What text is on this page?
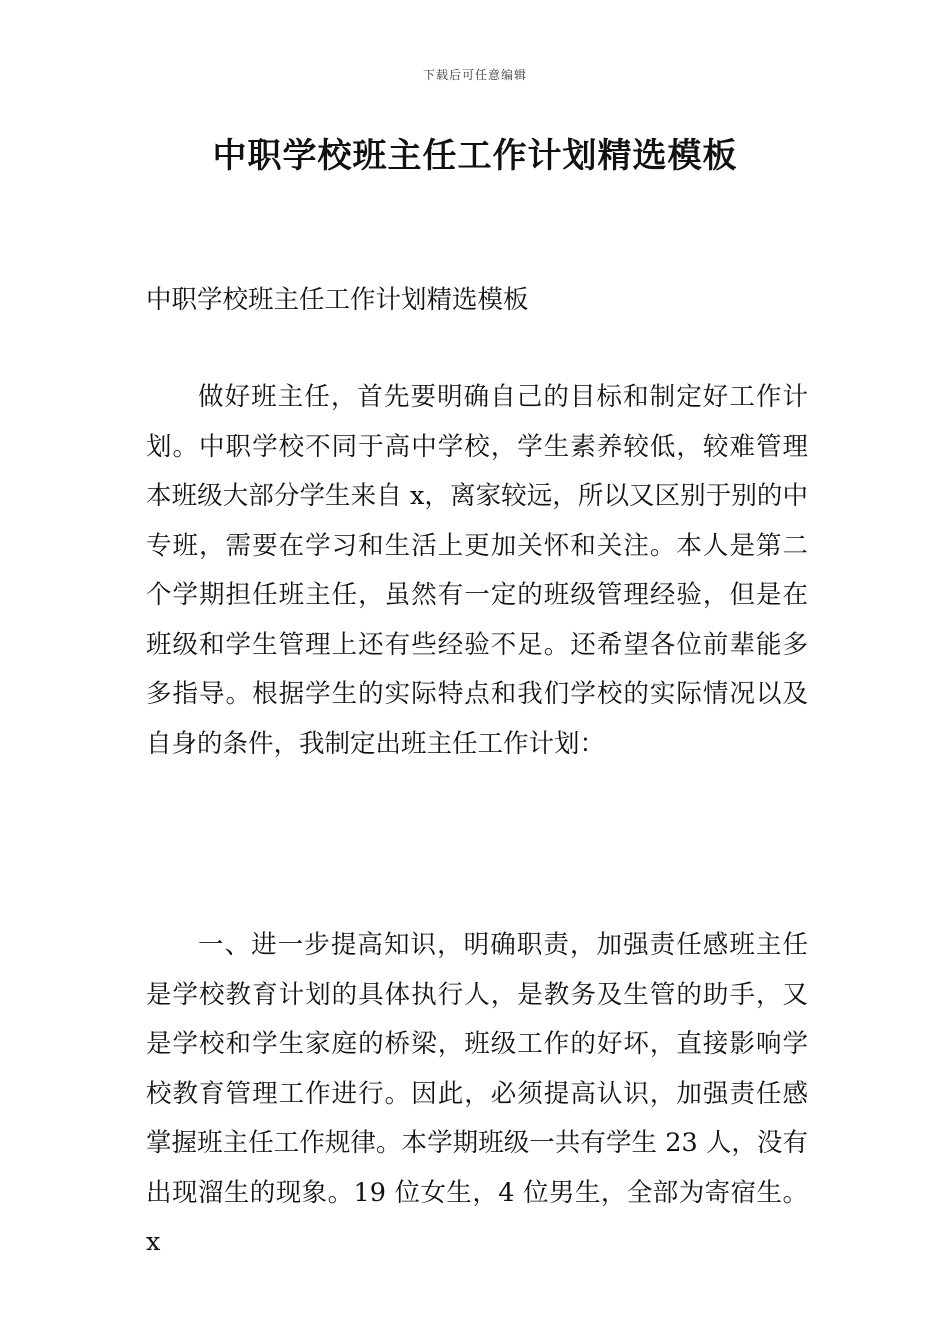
下载后可任意编辑
中职学校班主任工作计划精选模板
中职学校班主任工作计划精选模板
做好班主任，首先要明确自己的目标和制定好工作计划。中职学校不同于高中学校，学生素养较低，较难管理本班级大部分学生来自 x，离家较远，所以又区别于别的中专班，需要在学习和生活上更加关怀和关注。本人是第二个学期担任班主任，虽然有一定的班级管理经验，但是在班级和学生管理上还有些经验不足。还希望各位前辈能多多指导。根据学生的实际特点和我们学校的实际情况以及自身的条件，我制定出班主任工作计划：
一、进一步提高知识，明确职责，加强责任感班主任是学校教育计划的具体执行人，是教务及生管的助手，又是学校和学生家庭的桥梁，班级工作的好坏，直接影响学校教育管理工作进行。因此，必须提高认识，加强责任感掌握班主任工作规律。本学期班级一共有学生 23 人，没有出现溜生的现象。19 位女生，4 位男生，全部为寄宿生。x
